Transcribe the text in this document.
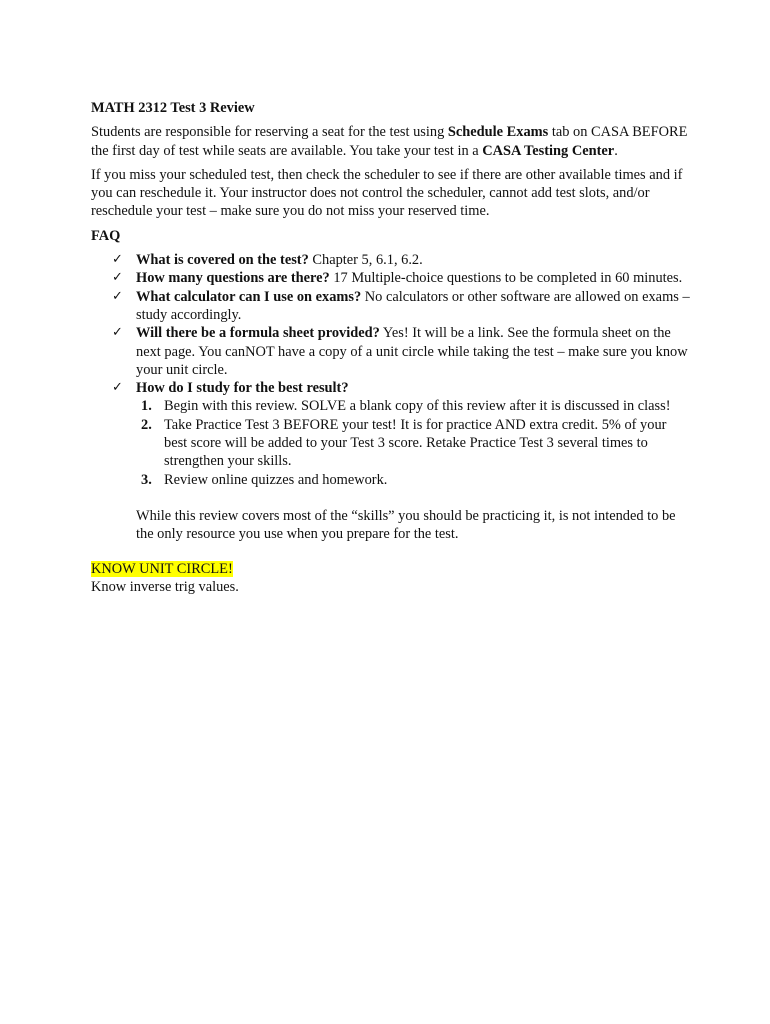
MATH 2312 Test 3 Review

Students are responsible for reserving a seat for the test using Schedule Exams tab on CASA BEFORE the first day of test while seats are available. You take your test in a CASA Testing Center.

If you miss your scheduled test, then check the scheduler to see if there are other available times and if you can reschedule it. Your instructor does not control the scheduler, cannot add test slots, and/or reschedule your test – make sure you do not miss your reserved time.

FAQ
✓ What is covered on the test? Chapter 5, 6.1, 6.2.
✓ How many questions are there? 17 Multiple-choice questions to be completed in 60 minutes.
✓ What calculator can I use on exams? No calculators or other software are allowed on exams – study accordingly.
✓ Will there be a formula sheet provided? Yes! It will be a link. See the formula sheet on the next page. You canNOT have a copy of a unit circle while taking the test – make sure you know your unit circle.
✓ How do I study for the best result?
1. Begin with this review. SOLVE a blank copy of this review after it is discussed in class!
2. Take Practice Test 3 BEFORE your test! It is for practice AND extra credit. 5% of your best score will be added to your Test 3 score. Retake Practice Test 3 several times to strengthen your skills.
3. Review online quizzes and homework.

While this review covers most of the “skills” you should be practicing it, is not intended to be the only resource you use when you prepare for the test.

KNOW UNIT CIRCLE!
Know inverse trig values.
